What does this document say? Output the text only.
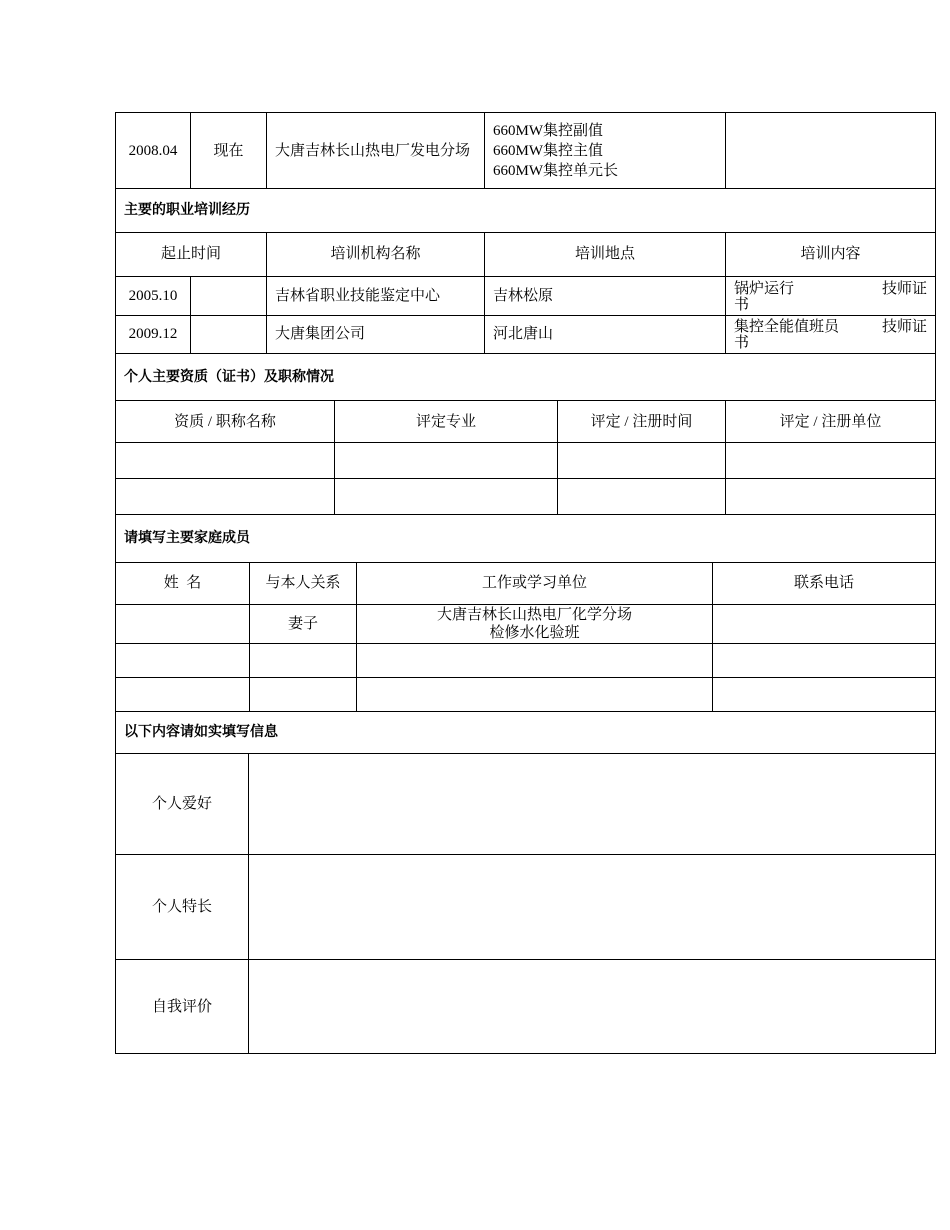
2008.04	现在	大唐吉林长山热电厂发电分场	
660MW集控副值
660MW集控主值
660MW集控单元长

主要的职业培训经历				
起止时间		培训机构名称	培训地点	培训内容
2005.10		吉林省职业技能鉴定中心	吉林松原	锅炉运行 技师证
书

2009.12		大唐集团公司	河北唐山	集控全能值班员 技师证
书
个人主要资质（证书）及职称情况			
资质 / 职称名称	评定专业	评定 / 注册时间	评定 / 注册单位

请填写主要家庭成员			
姓  名	与本人关系	工作或学习单位	联系电话
	妻子	大唐吉林长山热电厂化学分场
检修水化验班	

以下内容请如实填写信息	
个人爱好	
个人特长	
自我评价	
